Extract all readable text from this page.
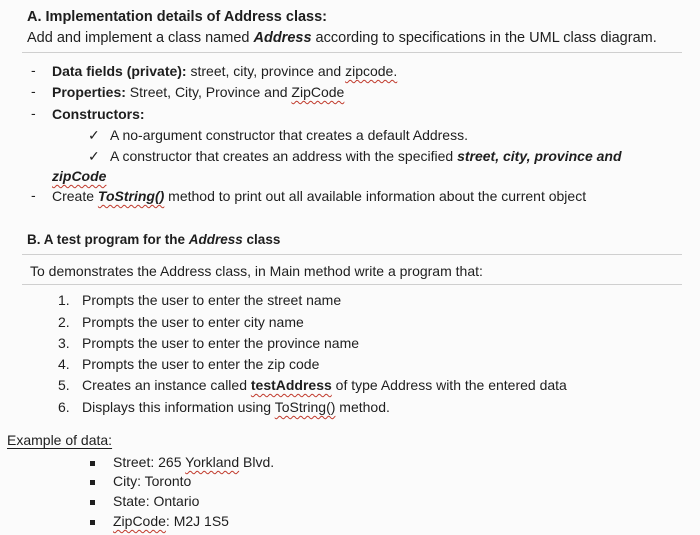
A. Implementation details of Address class:
Add and implement a class named Address according to specifications in the UML class diagram.
- Data fields (private): street, city, province and zipcode.
- Properties: Street, City, Province and ZipCode
- Constructors:
✓ A no-argument constructor that creates a default Address.
✓ A constructor that creates an address with the specified street, city, province and
zipCode
- Create ToString() method to print out all available information about the current object
B. A test program for the Address class
To demonstrates the Address class, in Main method write a program that:
1. Prompts the user to enter the street name
2. Prompts the user to enter city name
3. Prompts the user to enter the province name
4. Prompts the user to enter the zip code
5. Creates an instance called testAddress of type Address with the entered data
6. Displays this information using ToString() method.
Example of data:
Street: 265 Yorkland Blvd.
City: Toronto
State: Ontario
ZipCode: M2J 1S5
